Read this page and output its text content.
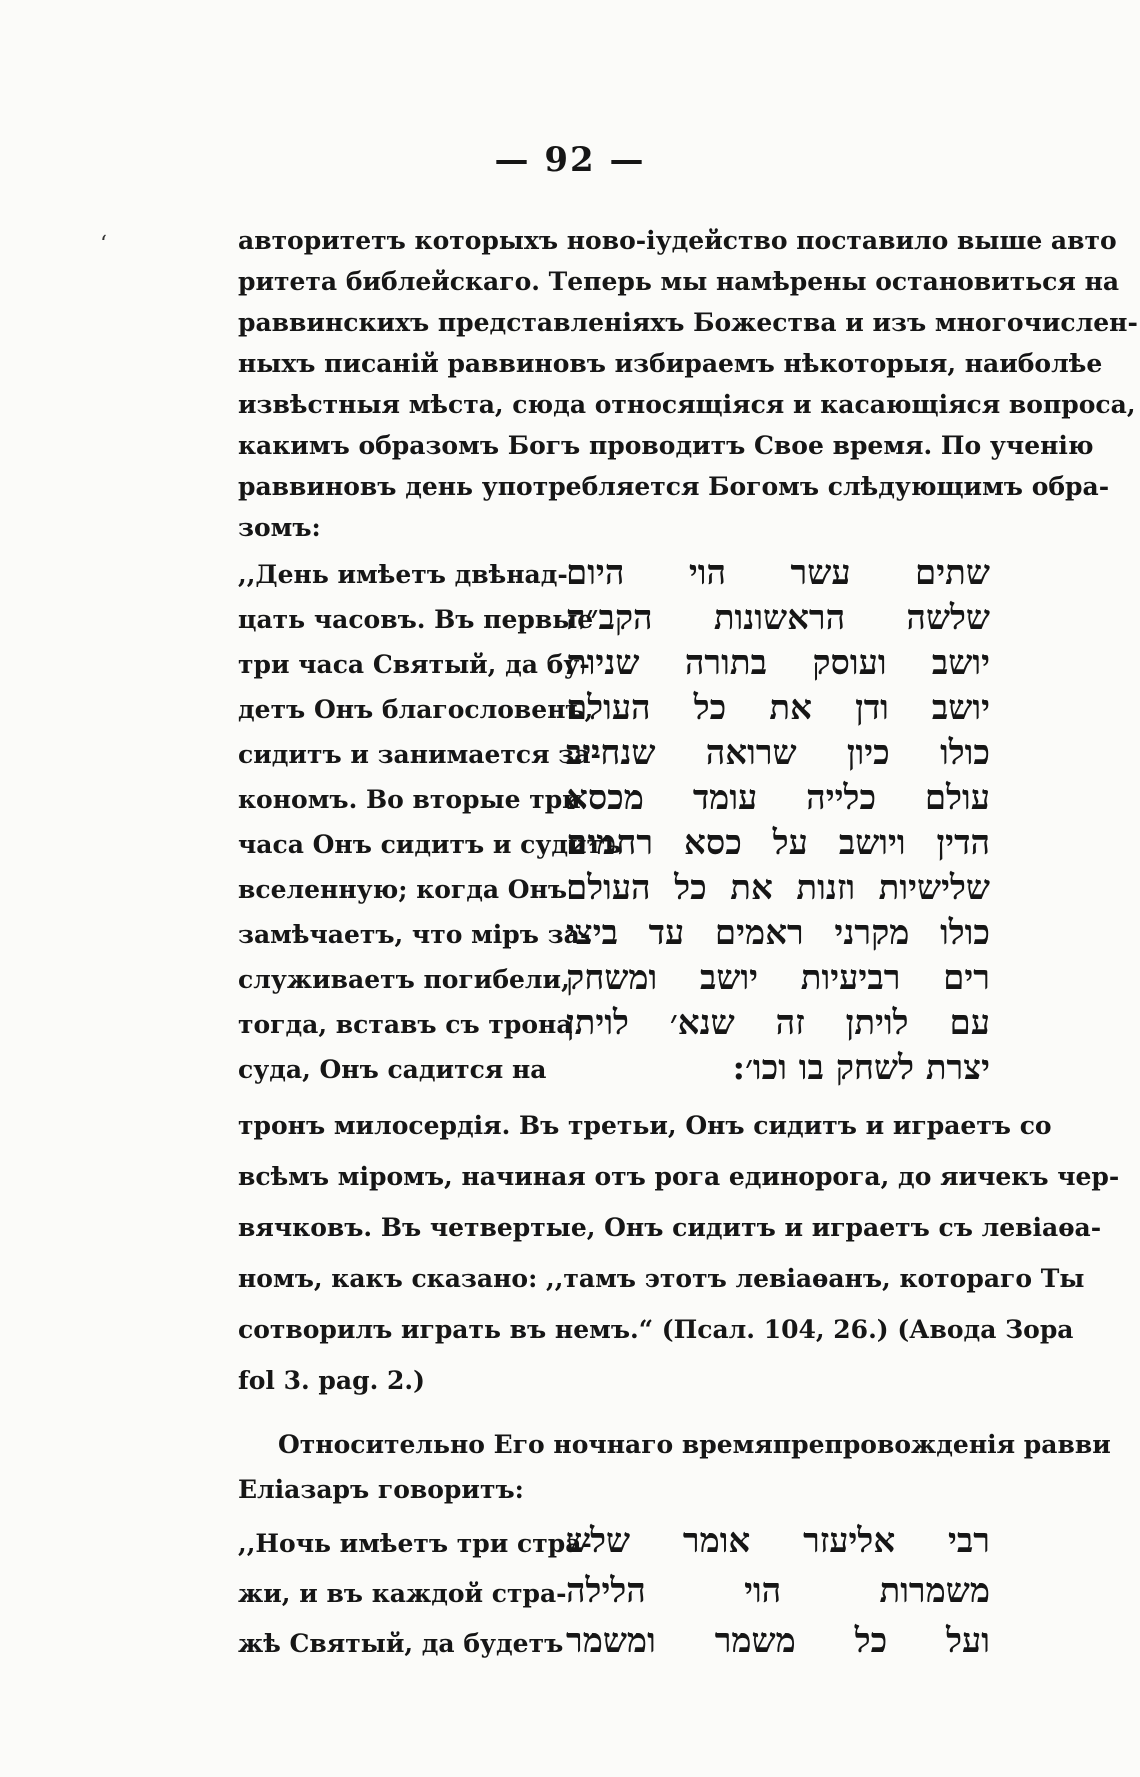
— 92 —
‘	авторитетъ которыхъ ново-іудейство поставило выше авто
ритета библейскаго. Теперь мы намѣрены остановиться на
раввинскихъ представленіяхъ Божества и изъ многочислен-
ныхъ писаній раввиновъ избираемъ нѣкоторыя, наиболѣе
извѣстныя мѣста, сюда относящіяся и касающіяся вопроса,
какимъ образомъ Богъ проводитъ Свое время. По ученію
раввиновъ день употребляется Богомъ слѣдующимъ обра-
зомъ:
,,День имѣетъ двѣнад-
цать часовъ. Въ первые
три часа Святый, да бу-
детъ Онъ благословенъ,
сидитъ и занимается за-
кономъ. Во вторые три
часа Онъ сидитъ и судитъ
вселенную; когда Онъ
замѣчаетъ, что міръ за-
служиваетъ погибели,
тогда, вставъ съ трона
суда, Онъ садится на
שתים עשר הוי היום
שלשה הראשונות הקב״ה
יושב ועוסק בתורה שניות
יושב ודן את כל העולם
כולו כיון שרואה שנחייב
עולם כלייה עומד מכסא
הדין ויושב על כסא רחמים
שלישיות וזנות את כל העולם
כולו מקרני ראמים עד ביצי
רים רביעיות יושב ומשחק
עם לויתן זה שנא׳ לויתן
יצרת לשחק בו וכו׳:
тронъ милосердія. Въ третьи, Онъ сидитъ и играетъ со
всѣмъ міромъ, начиная отъ рога единорога, до яичекъ чер-
вячковъ. Въ четвертые, Онъ сидитъ и играетъ съ левіаѳа-
номъ, какъ сказано: ,,тамъ этотъ левіаѳанъ, котораго Ты
сотворилъ играть въ немъ.“ (Псал. 104, 26.) (Авода Зора
fol 3. pag. 2.)
Относительно Его ночнаго времяпрепровожденія равви
Еліазаръ говоритъ:
,,Ночь имѣетъ три стра-
жи, и въ каждой стра-
жѣ Святый, да будетъ
רבי אליעזר אומר שלש
משמרות הוי הלילה
ועל כל משמר ומשמר
